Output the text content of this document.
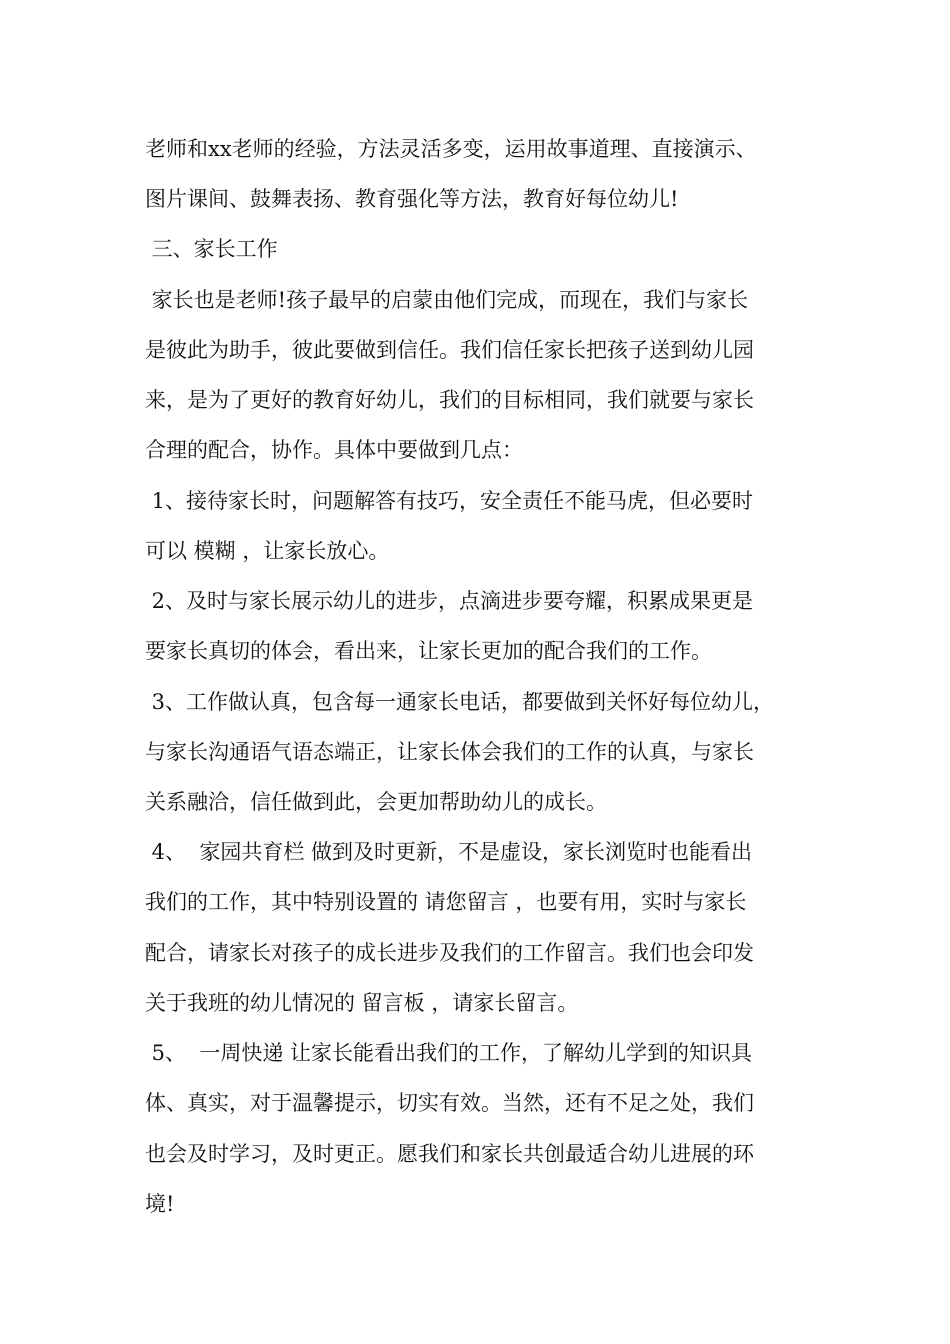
老师和xx老师的经验，方法灵活多变，运用故事道理、直接演示、
图片课间、鼓舞表扬、教育强化等方法，教育好每位幼儿!
三、家长工作
家长也是老师!孩子最早的启蒙由他们完成，而现在，我们与家长
是彼此为助手，彼此要做到信任。我们信任家长把孩子送到幼儿园
来，是为了更好的教育好幼儿，我们的目标相同，我们就要与家长
合理的配合，协作。具体中要做到几点：
1、接待家长时，问题解答有技巧，安全责任不能马虎，但必要时
可以 模糊 ，让家长放心。
2、及时与家长展示幼儿的进步，点滴进步要夸耀，积累成果更是
要家长真切的体会，看出来，让家长更加的配合我们的工作。
3、工作做认真，包含每一通家长电话，都要做到关怀好每位幼儿，
与家长沟通语气语态端正，让家长体会我们的工作的认真，与家长
关系融洽，信任做到此，会更加帮助幼儿的成长。
4、  家园共育栏 做到及时更新，不是虚设，家长浏览时也能看出
我们的工作，其中特别设置的 请您留言 ，也要有用，实时与家长
配合，请家长对孩子的成长进步及我们的工作留言。我们也会印发
关于我班的幼儿情况的 留言板 ，请家长留言。
5、  一周快递 让家长能看出我们的工作，了解幼儿学到的知识具
体、真实，对于温馨提示，切实有效。当然，还有不足之处，我们
也会及时学习，及时更正。愿我们和家长共创最适合幼儿进展的环
境!
